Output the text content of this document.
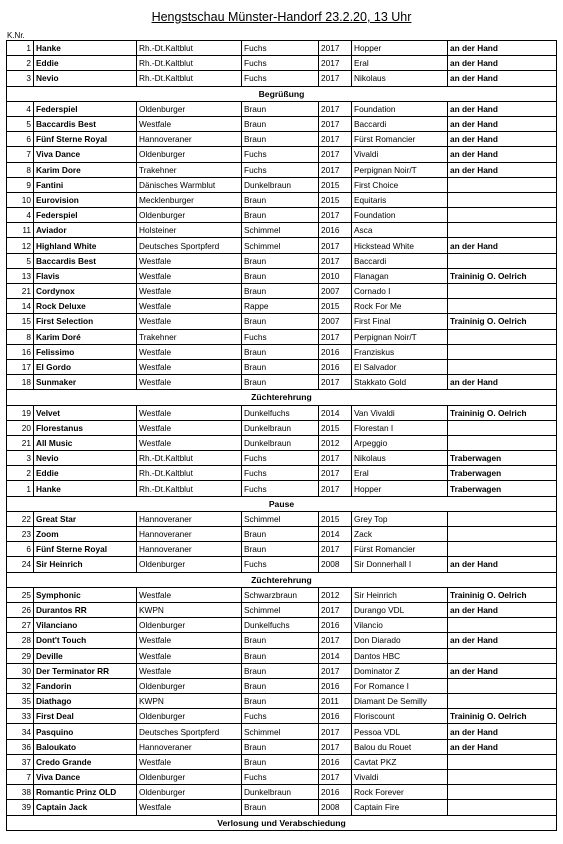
Hengstschau Münster-Handorf 23.2.20, 13 Uhr
K.Nr.
1	Hanke	Rh.-Dt.Kaltblut	Fuchs	2017	Hopper	an der Hand
2	Eddie	Rh.-Dt.Kaltblut	Fuchs	2017	Eral	an der Hand
3	Nevio	Rh.-Dt.Kaltblut	Fuchs	2017	Nikolaus	an der Hand
Begrüßung						
4	Federspiel	Oldenburger	Braun	2017	Foundation	an der Hand
5	Baccardis Best	Westfale	Braun	2017	Baccardi	an der Hand
6	Fünf Sterne Royal	Hannoveraner	Braun	2017	Fürst Romancier	an der Hand
7	Viva Dance	Oldenburger	Fuchs	2017	Vivaldi	an der Hand
8	Karim Dore	Trakehner	Fuchs	2017	Perpignan Noir/T	an der Hand
9	Fantini	Dänisches Warmblut	Dunkelbraun	2015	First Choice	
10	Eurovision	Mecklenburger	Braun	2015	Equitaris	
4	Federspiel	Oldenburger	Braun	2017	Foundation	
11	Aviador	Holsteiner	Schimmel	2016	Asca	
12	Highland White	Deutsches Sportpferd	Schimmel	2017	Hickstead White	an der Hand
5	Baccardis Best	Westfale	Braun	2017	Baccardi	
13	Flavis	Westfale	Braun	2010	Flanagan	Traininig O. Oelrich
21	Cordynox	Westfale	Braun	2007	Cornado I	
14	Rock Deluxe	Westfale	Rappe	2015	Rock For Me	
15	First Selection	Westfale	Braun	2007	First Final	Traininig O. Oelrich
8	Karim Doré	Trakehner	Fuchs	2017	Perpignan Noir/T	
16	Felissimo	Westfale	Braun	2016	Franziskus	
17	El Gordo	Westfale	Braun	2016	El Salvador	
18	Sunmaker	Westfale	Braun	2017	Stakkato Gold	an der Hand
Züchterehrung						
19	Velvet	Westfale	Dunkelfuchs	2014	Van Vivaldi	Traininig O. Oelrich
20	Florestanus	Westfale	Dunkelbraun	2015	Florestan I	
21	All Music	Westfale	Dunkelbraun	2012	Arpeggio	
3	Nevio	Rh.-Dt.Kaltblut	Fuchs	2017	Nikolaus	Traberwagen
2	Eddie	Rh.-Dt.Kaltblut	Fuchs	2017	Eral	Traberwagen
1	Hanke	Rh.-Dt.Kaltblut	Fuchs	2017	Hopper	Traberwagen
Pause						
22	Great Star	Hannoveraner	Schimmel	2015	Grey Top	
23	Zoom	Hannoveraner	Braun	2014	Zack	
6	Fünf Sterne Royal	Hannoveraner	Braun	2017	Fürst Romancier	
24	Sir Heinrich	Oldenburger	Fuchs	2008	Sir Donnerhall I	an der Hand
Züchterehrung						
25	Symphonic	Westfale	Schwarzbraun	2012	Sir Heinrich	Traininig O. Oelrich
26	Durantos RR	KWPN	Schimmel	2017	Durango VDL	an der Hand
27	Vilanciano	Oldenburger	Dunkelfuchs	2016	Vilancio	
28	Dont't Touch	Westfale	Braun	2017	Don Diarado	an der Hand
29	Deville	Westfale	Braun	2014	Dantos HBC	
30	Der Terminator RR	Westfale	Braun	2017	Dominator Z	an der Hand
32	Fandorin	Oldenburger	Braun	2016	For Romance I	
35	Diathago	KWPN	Braun	2011	Diamant De Semilly	
33	First Deal	Oldenburger	Fuchs	2016	Floriscount	Traininig O. Oelrich
34	Pasquino	Deutsches Sportpferd	Schimmel	2017	Pessoa VDL	an der Hand
36	Baloukato	Hannoveraner	Braun	2017	Balou du Rouet	an der Hand
37	Credo Grande	Westfale	Braun	2016	Cavtat PKZ	
7	Viva Dance	Oldenburger	Fuchs	2017	Vivaldi	
38	Romantic Prinz OLD	Oldenburger	Dunkelbraun	2016	Rock Forever	
39	Captain Jack	Westfale	Braun	2008	Captain Fire	
Verlosung und Verabschiedung						
